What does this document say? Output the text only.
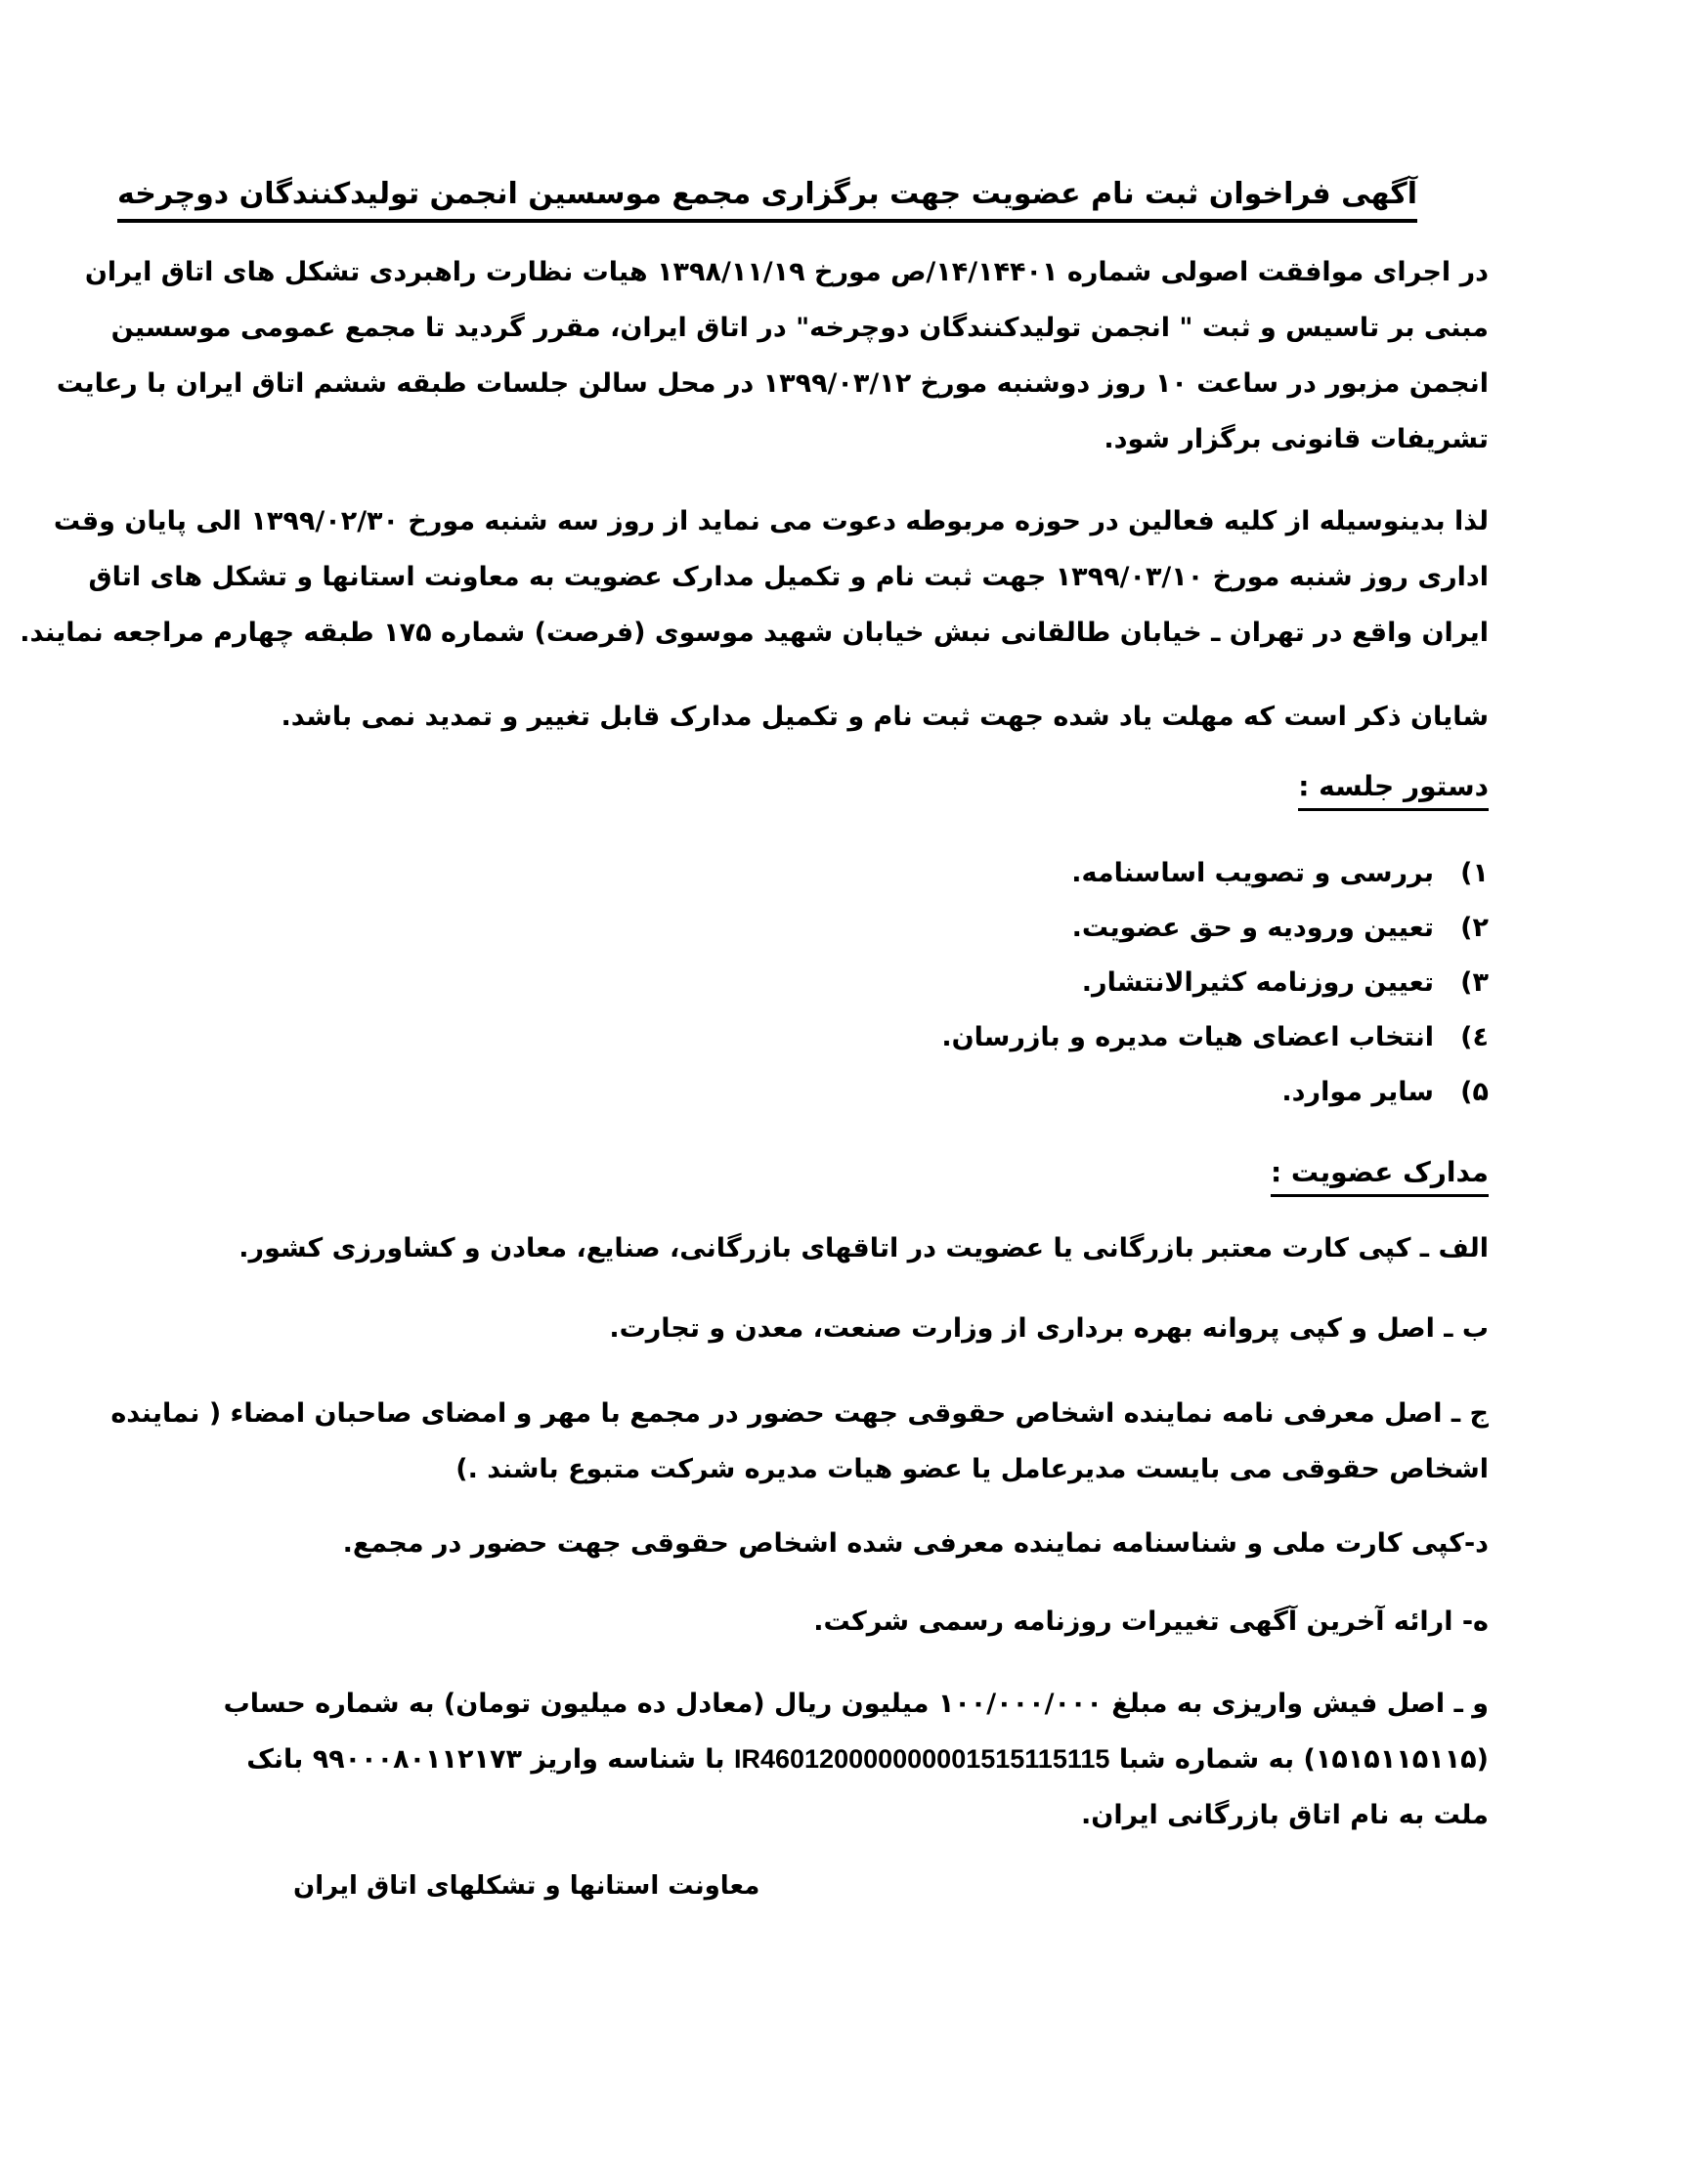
آگهی فراخوان ثبت نام عضویت جهت برگزاری مجمع موسسین انجمن تولیدکنندگان دوچرخه
در اجرای موافقت اصولی شماره ۱۴/۱۴۴۰۱/ص مورخ ۱۳۹۸/۱۱/۱۹ هیات نظارت راهبردی تشکل های اتاق ایران
مبنی بر تاسیس و ثبت " انجمن تولیدکنندگان دوچرخه" در اتاق ایران، مقرر گردید تا مجمع عمومی موسسین
انجمن مزبور در ساعت ۱۰ روز دوشنبه مورخ ۱۳۹۹/۰۳/۱۲ در محل سالن جلسات طبقه ششم اتاق ایران با رعایت
تشریفات قانونی برگزار شود.
لذا بدینوسیله از کلیه فعالین در حوزه مربوطه دعوت می نماید از روز سه شنبه مورخ ۱۳۹۹/۰۲/۳۰ الی پایان وقت
اداری روز شنبه مورخ ۱۳۹۹/۰۳/۱۰ جهت ثبت نام و تکمیل مدارک عضویت به معاونت استانها و تشکل های اتاق
ایران واقع در تهران ـ خیابان طالقانی نبش خیابان شهید موسوی (فرصت) شماره ۱۷۵ طبقه چهارم مراجعه نمایند.
شایان ذکر است که مهلت یاد شده جهت ثبت نام و تکمیل مدارک قابل تغییر و تمدید نمی باشد.
دستور جلسه :
۱)بررسی و تصویب اساسنامه.
۲)تعیین ورودیه و حق عضویت.
۳)تعیین روزنامه کثیرالانتشار.
٤)انتخاب اعضای هیات مدیره و بازرسان.
۵)سایر موارد.
مدارک عضویت :
الف ـ کپی کارت معتبر بازرگانی یا عضویت در اتاقهای بازرگانی، صنایع، معادن و کشاورزی کشور.
ب ـ اصل و کپی پروانه بهره برداری از وزارت صنعت، معدن و تجارت.
ج ـ اصل معرفی نامه نماینده اشخاص حقوقی جهت حضور در مجمع با مهر و امضای صاحبان امضاء ( نماینده
اشخاص حقوقی می بایست مدیرعامل یا عضو هیات مدیره شرکت متبوع باشند .)
د-کپی کارت ملی و شناسنامه نماینده معرفی شده اشخاص حقوقی جهت حضور در مجمع.
ه- ارائه آخرین آگهی تغییرات روزنامه رسمی شرکت.
و ـ اصل فیش واریزی به مبلغ ۱۰۰/۰۰۰/۰۰۰ میلیون ریال (معادل ده میلیون تومان) به شماره حساب
(۱۵۱۵۱۱۵۱۱۵) به شماره شبا IR460120000000001515115115 با شناسه واریز ۹۹۰۰۰۸۰۱۱۲۱۷۳ بانک
ملت به نام اتاق بازرگانی ایران.
معاونت استانها و تشکلهای اتاق ایران
